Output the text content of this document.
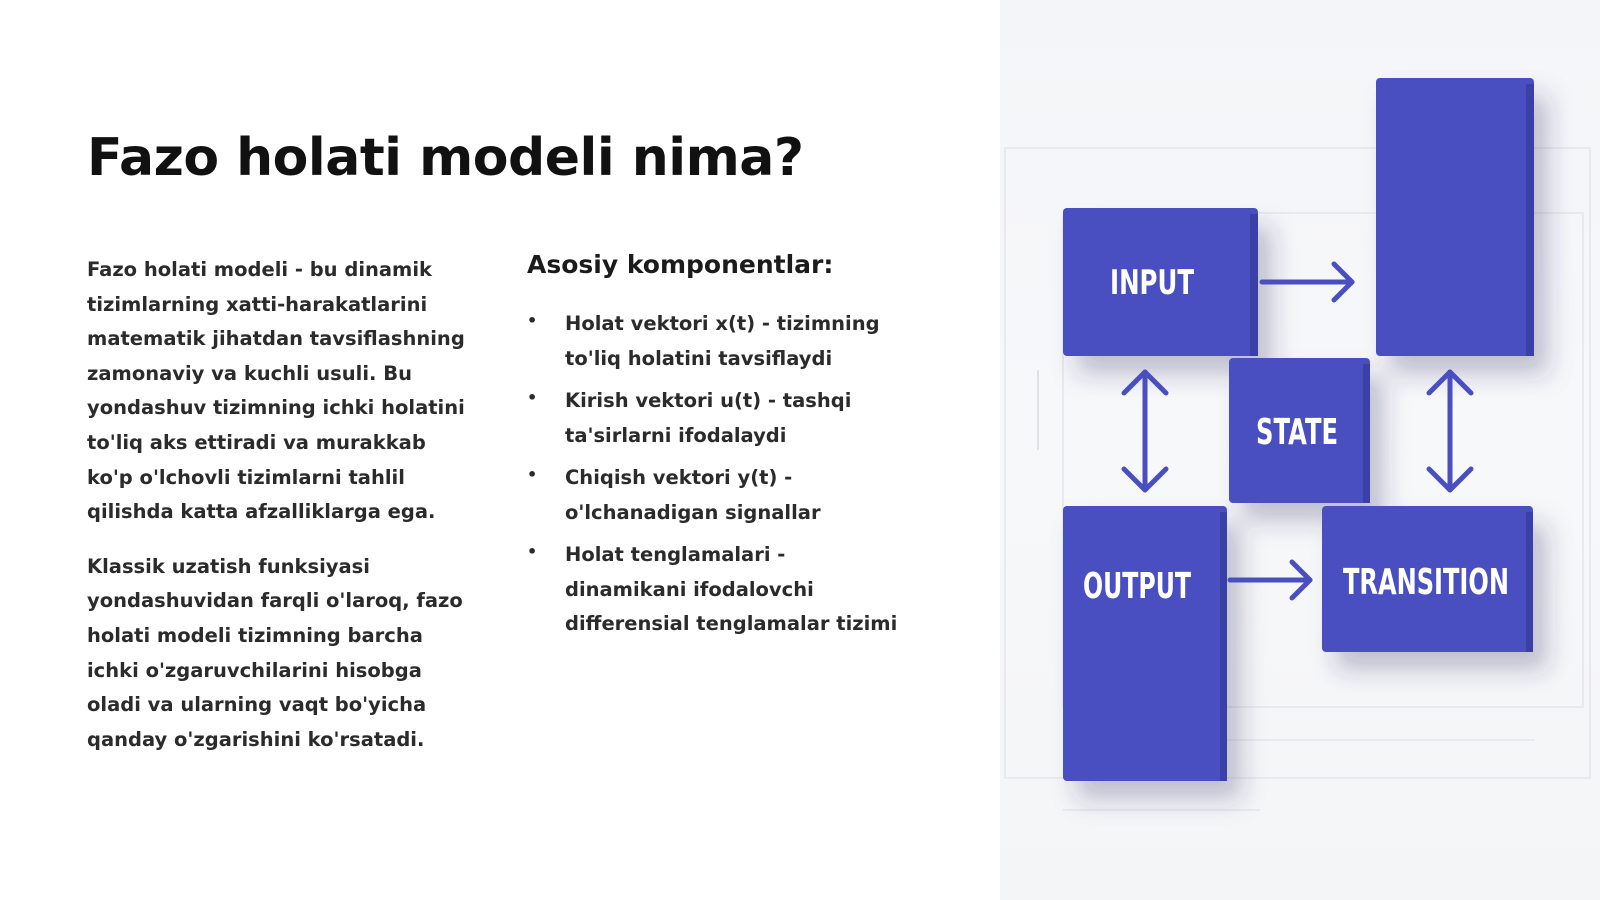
Fazo holati modeli nima?

Fazo holati modeli - bu dinamik tizimlarning xatti-harakatlarini matematik jihatdan tavsiflashning zamonaviy va kuchli usuli. Bu yondashuv tizimning ichki holatini to'liq aks ettiradi va murakkab ko'p o'lchovli tizimlarni tahlil qilishda katta afzalliklarga ega.

Klassik uzatish funksiyasi yondashuvidan farqli o'laroq, fazo holati modeli tizimning barcha ichki o'zgaruvchilarini hisobga oladi va ularning vaqt bo'yicha qanday o'zgarishini ko'rsatadi.

Asosiy komponentlar:
•	Holat vektori x(t) - tizimning to'liq holatini tavsiflaydi
•	Kirish vektori u(t) - tashqi ta'sirlarni ifodalaydi
•	Chiqish vektori y(t) - o'lchanadigan signallar
•	Holat tenglamalari - dinamikani ifodalovchi differensial tenglamalar tizimi
INPUT
STATE
OUTPUT	TRANSITION
